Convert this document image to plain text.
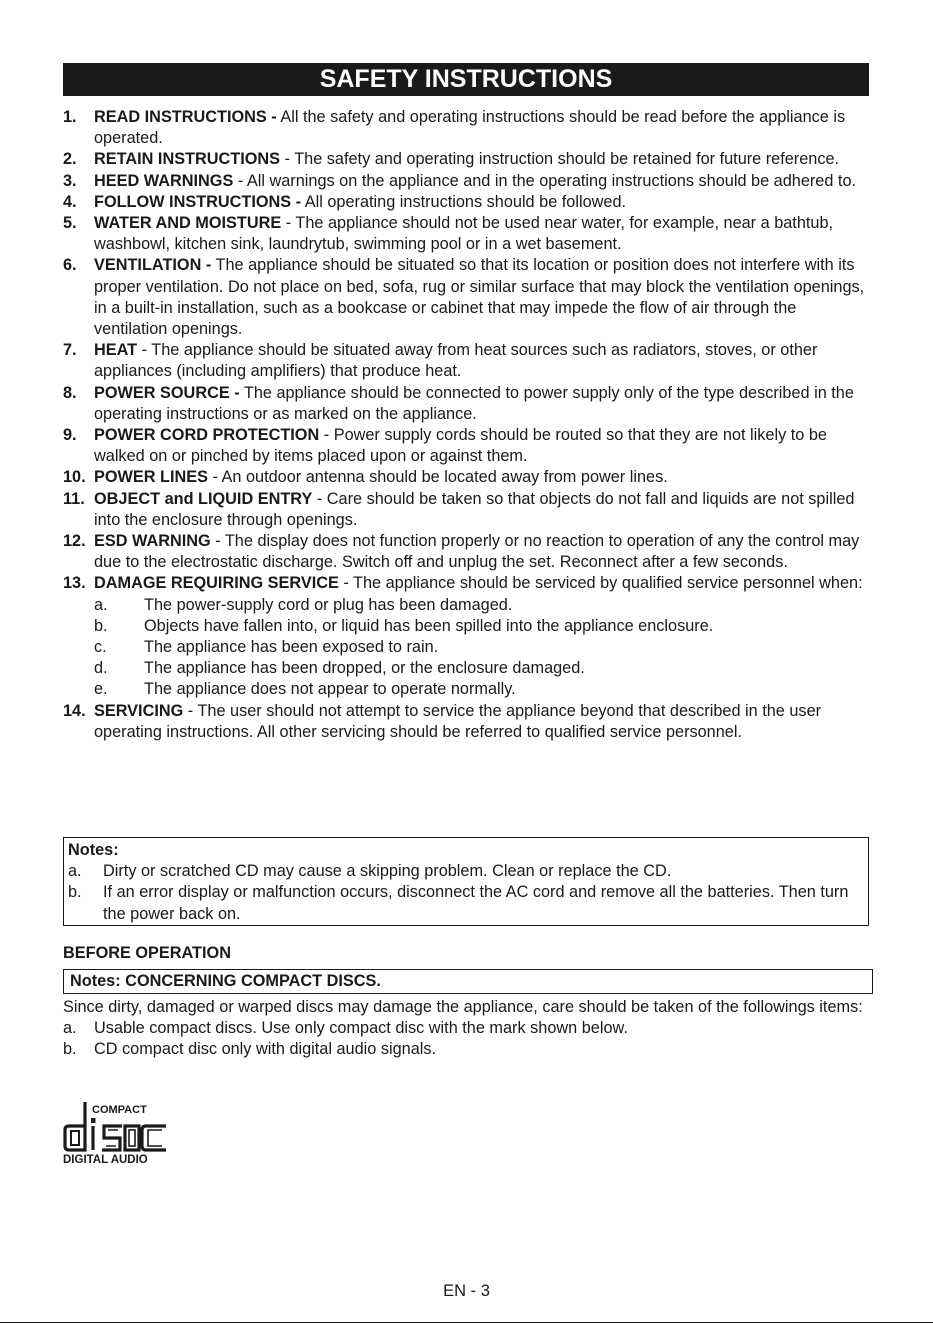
SAFETY INSTRUCTIONS
1. READ INSTRUCTIONS - All the safety and operating instructions should be read before the appliance is operated.
2. RETAIN INSTRUCTIONS - The safety and operating instruction should be retained for future reference.
3. HEED WARNINGS - All warnings on the appliance and in the operating instructions should be adhered to.
4. FOLLOW INSTRUCTIONS - All operating instructions should be followed.
5. WATER AND MOISTURE - The appliance should not be used near water, for example, near a bathtub, washbowl, kitchen sink, laundrytub, swimming pool or in a wet basement.
6. VENTILATION - The appliance should be situated so that its location or position does not interfere with its proper ventilation. Do not place on bed, sofa, rug or similar surface that may block the ventilation openings, in a built-in installation, such as a bookcase or cabinet that may impede the flow of air through the ventilation openings.
7. HEAT - The appliance should be situated away from heat sources such as radiators, stoves, or other appliances (including amplifiers) that produce heat.
8. POWER SOURCE - The appliance should be connected to power supply only of the type described in the operating instructions or as marked on the appliance.
9. POWER CORD PROTECTION - Power supply cords should be routed so that they are not likely to be walked on or pinched by items placed upon or against them.
10. POWER LINES - An outdoor antenna should be located away from power lines.
11. OBJECT and LIQUID ENTRY - Care should be taken so that objects do not fall and liquids are not spilled into the enclosure through openings.
12. ESD WARNING - The display does not function properly or no reaction to operation of any the control may due to the electrostatic discharge. Switch off and unplug the set. Reconnect after a few seconds.
13. DAMAGE REQUIRING SERVICE - The appliance should be serviced by qualified service personnel when:
a. The power-supply cord or plug has been damaged.
b. Objects have fallen into, or liquid has been spilled into the appliance enclosure.
c. The appliance has been exposed to rain.
d. The appliance has been dropped, or the enclosure damaged.
e. The appliance does not appear to operate normally.
14. SERVICING - The user should not attempt to service the appliance beyond that described in the user operating instructions. All other servicing should be referred to qualified service personnel.
Notes:
a. Dirty or scratched CD may cause a skipping problem. Clean or replace the CD.
b. If an error display or malfunction occurs, disconnect the AC cord and remove all the batteries. Then turn the power back on.
BEFORE OPERATION
Notes: CONCERNING COMPACT DISCS.
Since dirty, damaged or warped discs may damage the appliance, care should be taken of the followings items:
a. Usable compact discs. Use only compact disc with the mark shown below.
b. CD compact disc only with digital audio signals.
COMPACT
DIGITAL AUDIO
EN - 3
